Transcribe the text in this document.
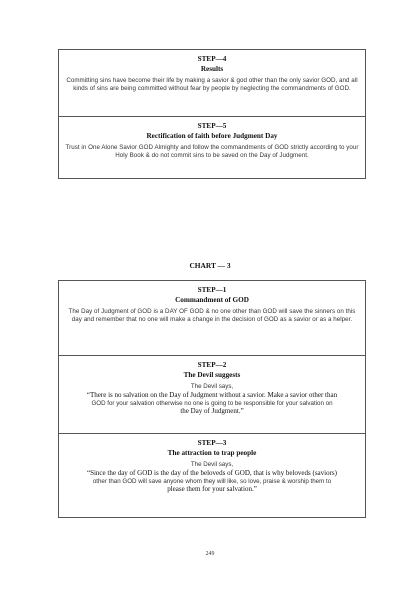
STEP—4
Results
Committing sins have become their life by making a savior & god other than the only savior GOD, and all kinds of sins are being committed without fear by people by neglecting the commandments of GOD.
STEP—5
Rectification of faith before Judgment Day
Trust in One Alone Savior GOD Almighty and follow the commandments of GOD strictly according to your Holy Book & do not commit sins to be saved on the Day of Judgment.
CHART — 3
STEP—1
Commandment of GOD
The Day of Judgment of GOD is a DAY OF GOD & no one other than GOD will save the sinners on this day and remember that no one will make a change in the decision of GOD as a savior or as a helper.
STEP—2
The Devil suggests
The Devil says,
“There is no salvation on the Day of Judgment without a savior. Make a savior other than
GOD for your salvation otherwise no one is going to be responsible for your salvation on
the Day of Judgment.”
STEP—3
The attraction to trap people
The Devil says,
“Since the day of GOD is the day of the beloveds of GOD, that is why beloveds (saviors)
other than GOD will save anyone whom they will like, so love, praise & worship them to
please them for your salvation.”
249
